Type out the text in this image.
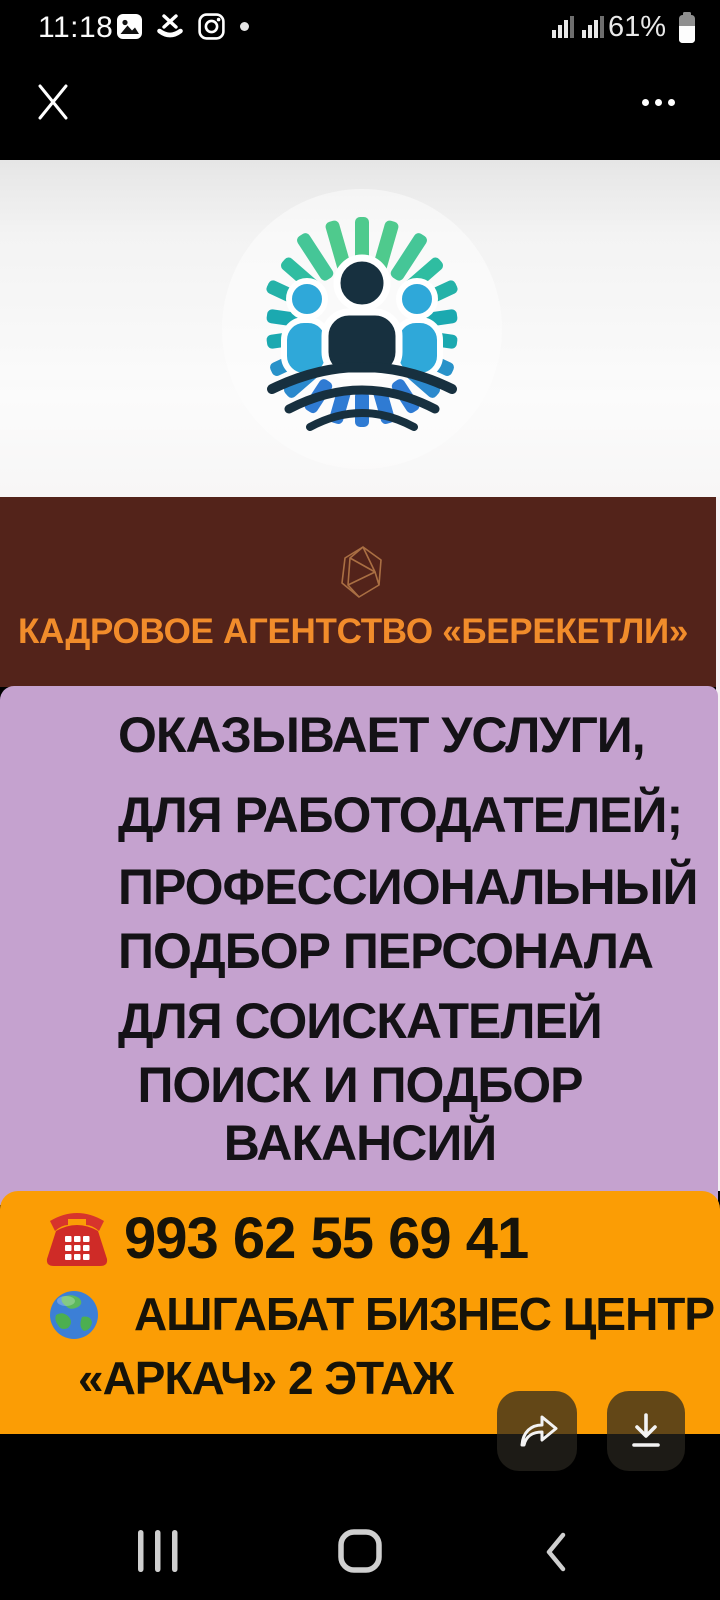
11:18	61%
КАДРОВОЕ АГЕНТСТВО «БЕРЕКЕТЛИ»
ОКАЗЫВАЕТ УСЛУГИ,
ДЛЯ РАБОТОДАТЕЛЕЙ;
ПРОФЕССИОНАЛЬНЫЙ
ПОДБОР ПЕРСОНАЛА
ДЛЯ СОИСКАТЕЛЕЙ
ПОИСК И ПОДБОР
ВАКАНСИЙ
993 62 55 69 41
АШГАБАТ БИЗНЕС ЦЕНТР
«АРКАЧ» 2 ЭТАЖ
